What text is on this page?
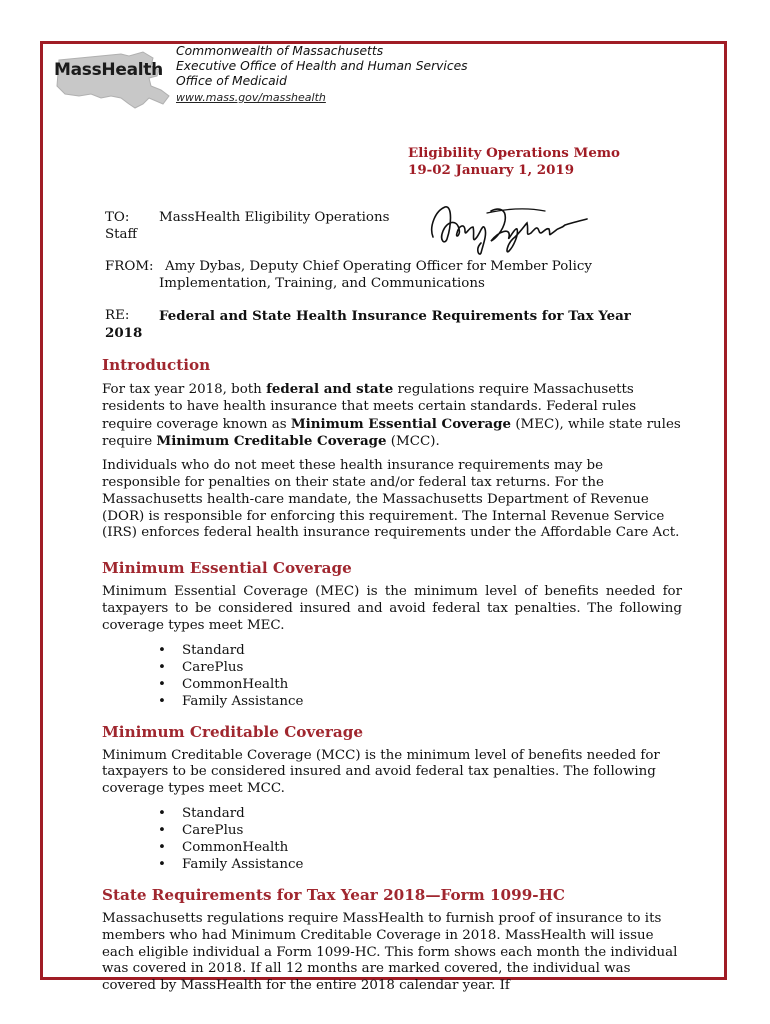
MassHealth
Commonwealth of Massachusetts
Executive Office of Health and Human Services
Office of Medicaid
www.mass.gov/masshealth
Eligibility Operations Memo
19-02 January 1, 2019
TO: MassHealth Eligibility Operations
Staff
FROM: Amy Dybas, Deputy Chief Operating Officer for Member Policy
Implementation, Training, and Communications
RE: Federal and State Health Insurance Requirements for Tax Year
2018
Introduction

For tax year 2018, both federal and state regulations require Massachusetts residents to have health insurance that meets certain standards. Federal rules require coverage known as Minimum Essential Coverage (MEC), while state rules require Minimum Creditable Coverage (MCC).

Individuals who do not meet these health insurance requirements may be responsible for penalties on their state and/or federal tax returns. For the Massachusetts health-care mandate, the Massachusetts Department of Revenue (DOR) is responsible for enforcing this requirement. The Internal Revenue Service (IRS) enforces federal health insurance requirements under the Affordable Care Act.

Minimum Essential Coverage

Minimum Essential Coverage (MEC) is the minimum level of benefits needed for taxpayers to be considered insured and avoid federal tax penalties. The following coverage types meet MEC.

• Standard
• CarePlus
• CommonHealth
• Family Assistance
Minimum Creditable Coverage

Minimum Creditable Coverage (MCC) is the minimum level of benefits needed for taxpayers to be considered insured and avoid federal tax penalties. The following coverage types meet MCC.

• Standard
• CarePlus
• CommonHealth
• Family Assistance
State Requirements for Tax Year 2018—Form 1099-HC

Massachusetts regulations require MassHealth to furnish proof of insurance to its members who had Minimum Creditable Coverage in 2018. MassHealth will issue each eligible individual a Form 1099-HC. This form shows each month the individual was covered in 2018. If all 12 months are marked covered, the individual was covered by MassHealth for the entire 2018 calendar year. If
